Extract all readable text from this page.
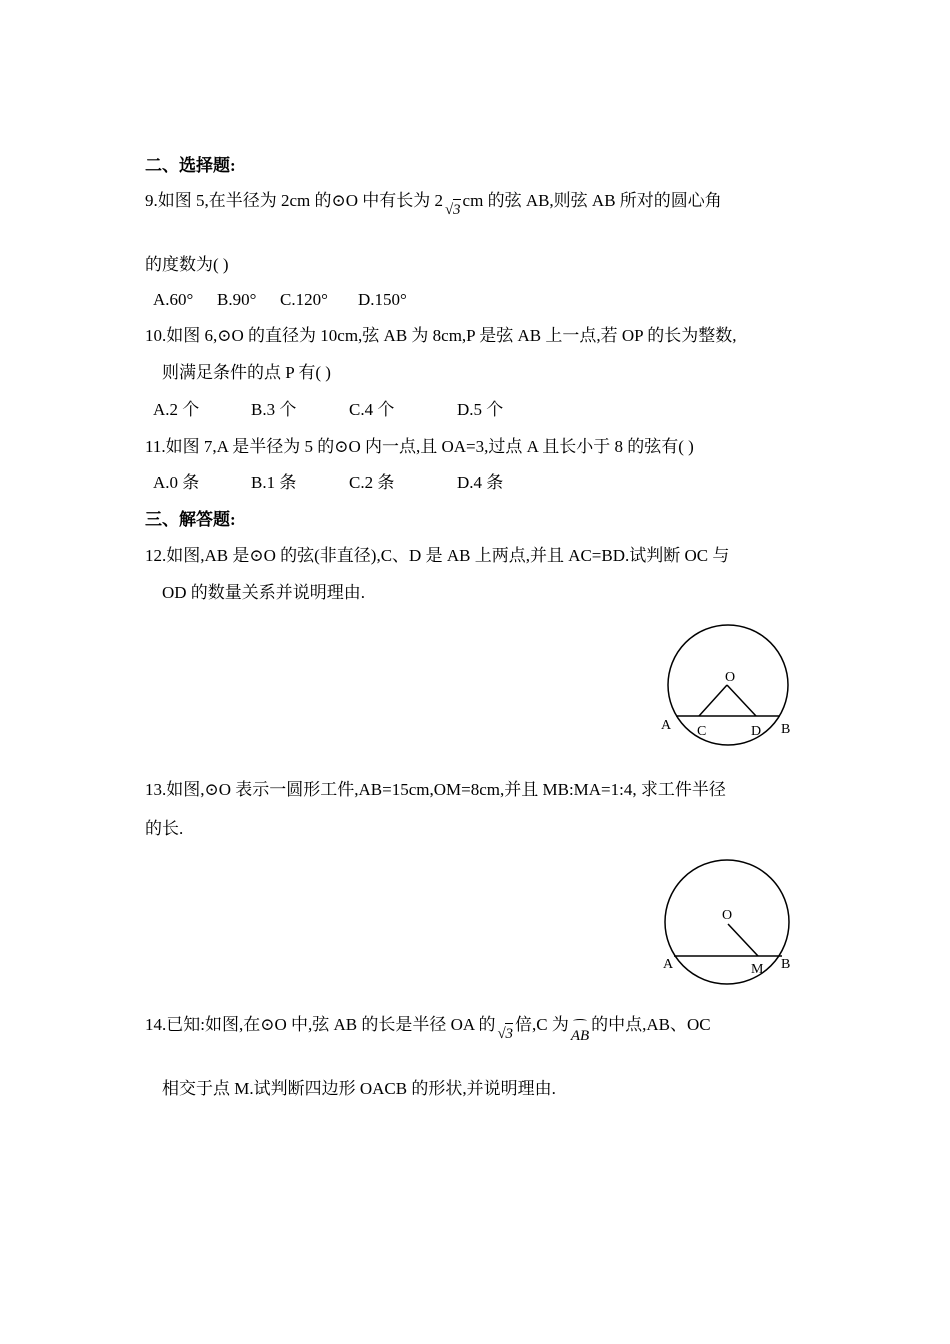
二、选择题:
9.如图 5,在半径为 2cm 的⊙O 中有长为 2 √ 3 cm 的弦 AB,则弦 AB 所对的圆心角
的度数为( )
A.60° B.90° C.120° D.150°
10.如图 6,⊙O 的直径为 10cm,弦 AB 为 8cm,P 是弦 AB 上一点,若 OP 的长为整数,
则满足条件的点 P 有( )
A.2 个	B.3 个	C.4 个	D.5 个
11.如图 7,A 是半径为 5 的⊙O 内一点,且 OA=3,过点 A 且长小于 8 的弦有( )
A.0 条	B.1 条	C.2 条	D.4 条
三、解答题:
12.如图,AB 是⊙O 的弦(非直径),C、D 是 AB 上两点,并且 AC=BD.试判断 OC 与
OD 的数量关系并说明理由.
O
A C	D B
13.如图,⊙O 表示一圆形工件,AB=15cm,OM=8cm,并且 MB:MA=1:4, 求工件半径
的长.
O
A	M B
14.已知:如图,在⊙O 中,弦 AB 的长是半径 OA 的 √ 3 倍,C 为
AB的中点,AB、OC
相交于点 M.试判断四边形 OACB 的形状,并说明理由.
